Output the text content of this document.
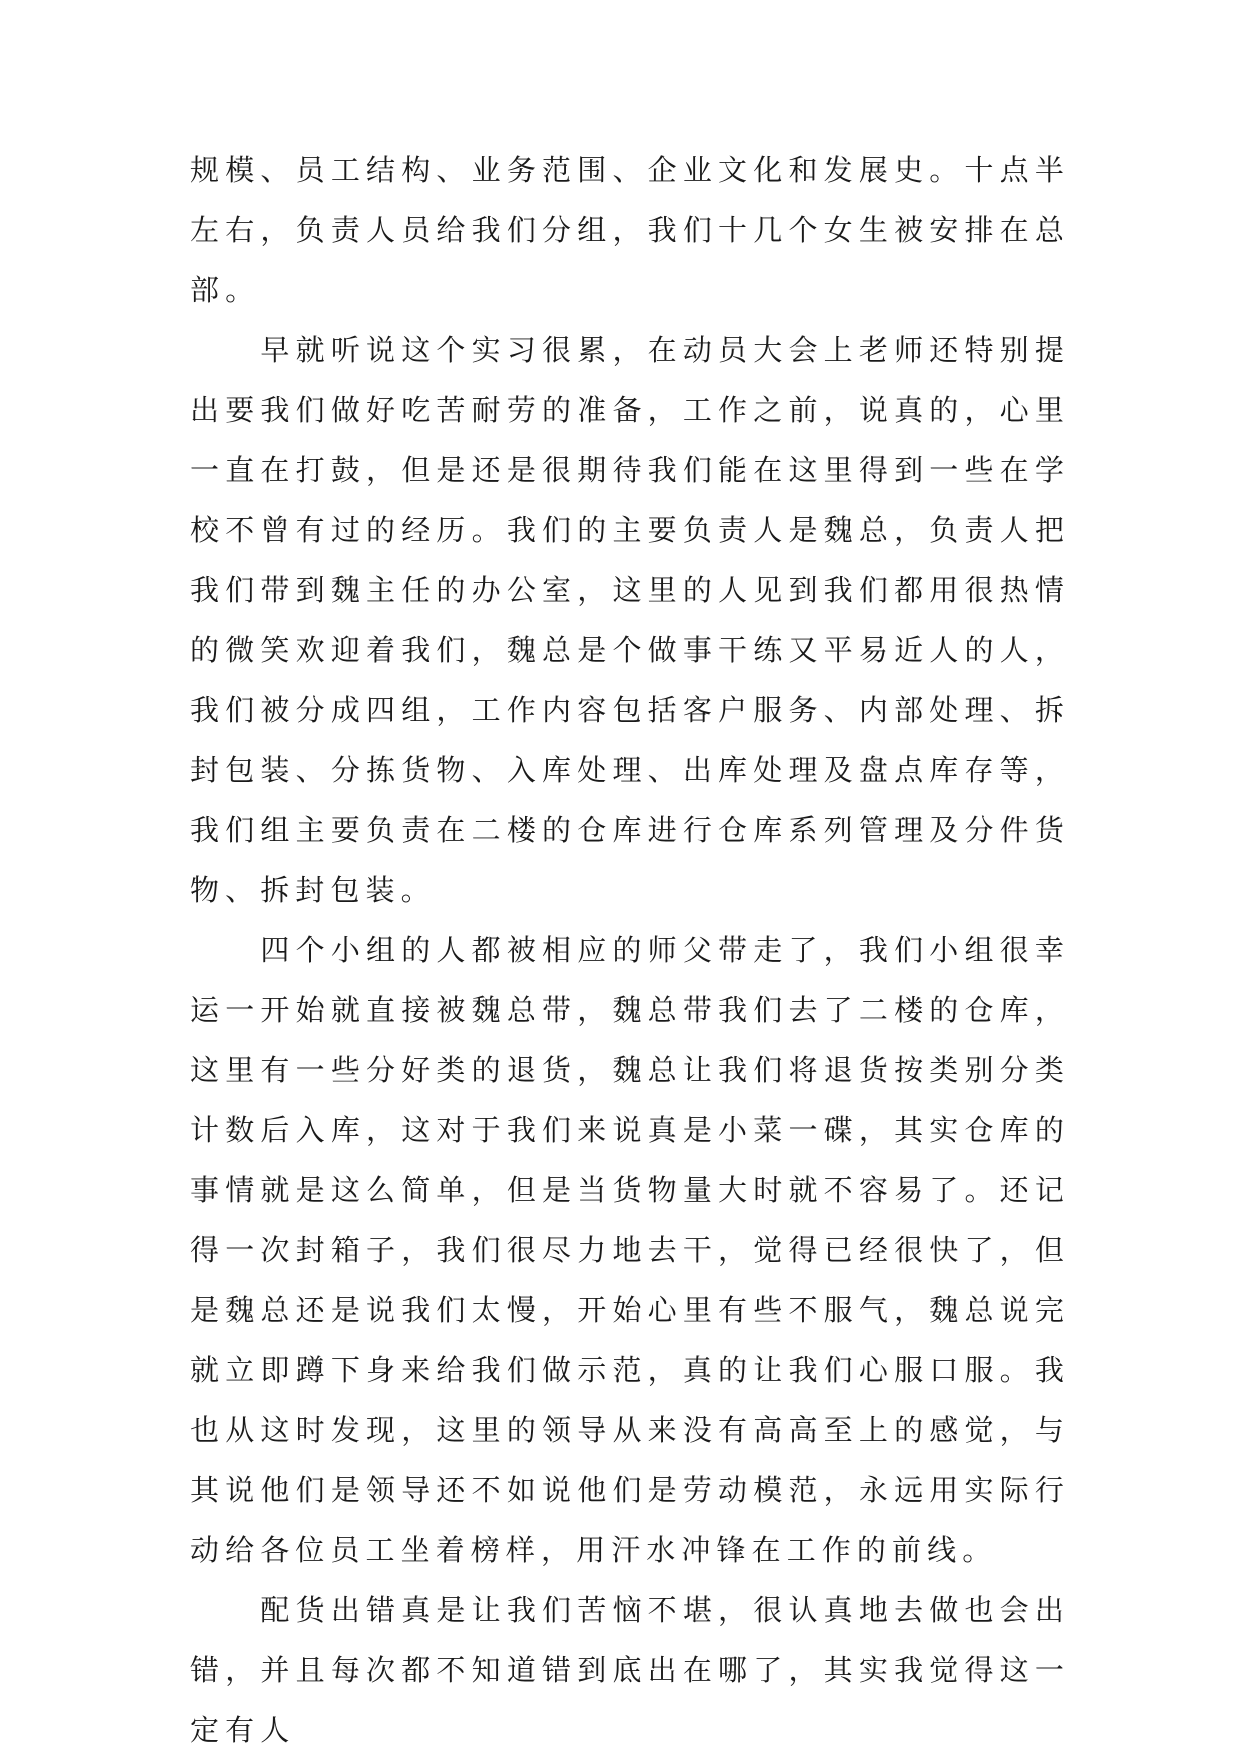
规模、员工结构、业务范围、企业文化和发展史。十点半左右，负责人员给我们分组，我们十几个女生被安排在总部。

　　早就听说这个实习很累，在动员大会上老师还特别提出要我们做好吃苦耐劳的准备，工作之前，说真的，心里一直在打鼓，但是还是很期待我们能在这里得到一些在学校不曾有过的经历。我们的主要负责人是魏总，负责人把我们带到魏主任的办公室，这里的人见到我们都用很热情的微笑欢迎着我们，魏总是个做事干练又平易近人的人，我们被分成四组，工作内容包括客户服务、内部处理、拆封包装、分拣货物、入库处理、出库处理及盘点库存等，我们组主要负责在二楼的仓库进行仓库系列管理及分件货物、拆封包装。

　　四个小组的人都被相应的师父带走了，我们小组很幸运一开始就直接被魏总带，魏总带我们去了二楼的仓库，这里有一些分好类的退货，魏总让我们将退货按类别分类计数后入库，这对于我们来说真是小菜一碟，其实仓库的事情就是这么简单，但是当货物量大时就不容易了。还记得一次封箱子，我们很尽力地去干，觉得已经很快了，但是魏总还是说我们太慢，开始心里有些不服气，魏总说完就立即蹲下身来给我们做示范，真的让我们心服口服。我也从这时发现，这里的领导从来没有高高至上的感觉，与其说他们是领导还不如说他们是劳动模范，永远用实际行动给各位员工坐着榜样，用汗水冲锋在工作的前线。

　　配货出错真是让我们苦恼不堪，很认真地去做也会出错，并且每次都不知道错到底出在哪了，其实我觉得这一定有人
